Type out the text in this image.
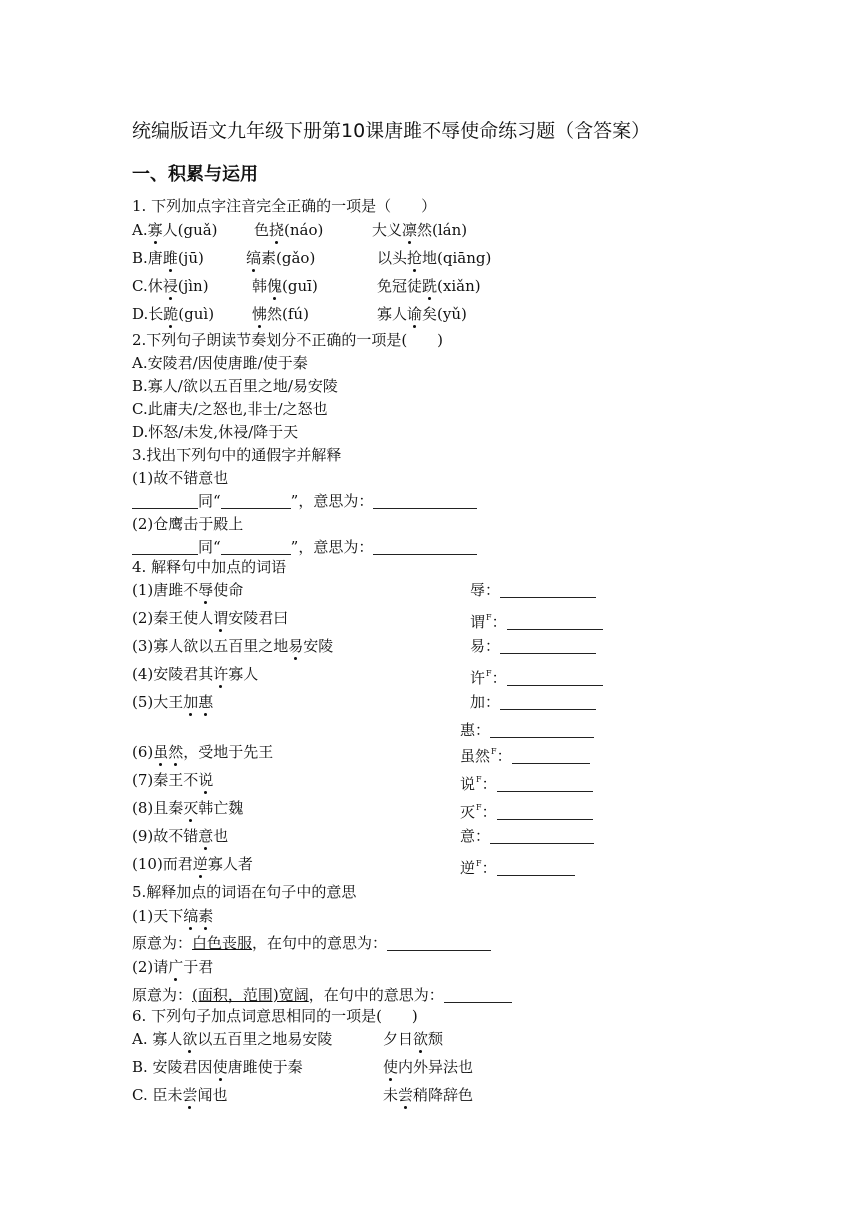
统编版语文九年级下册第10课唐雎不辱使命练习题（含答案）
一、积累与运用
1. 下列加点字注音完全正确的一项是（　　）
A.寡人(guǎ) 色挠(náo)	大义凛然(lán)
B.唐雎(jū)	缟素(gǎo)	以头抢地(qiāng)
C.休祲(jìn)	韩傀(guī)	免冠徒跣(xiǎn)
D.长跪(guì)	怫然(fú)	寡人谕矣(yǔ)
2.下列句子朗读节奏划分不正确的一项是(　　)
A.安陵君/因使唐雎/使于秦
B.寡人/欲以五百里之地/易安陵
C.此庸夫/之怒也,非士/之怒也
D.怀怒/未发,休祲/降于天
3.找出下列句中的通假字并解释
(1)故不错意也
同“	”，意思为：
(2)仓鹰击于殿上
同“	”，意思为：
4. 解释句中加点的词语
(1)唐雎不辱使命	辱：
(2)秦王使人谓安陵君曰	谓$^F$：
(3)寡人欲以五百里之地易安陵	易：
(4)安陵君其许寡人	许$^F$：
(5)大王加惠	加：
惠：
(6)虽然，受地于先王	虽然$^F$：
(7)秦王不说	说$^F$：
(8)且秦灭韩亡魏	灭$^F$：
(9)故不错意也	意：
(10)而君逆寡人者	逆$^F$：
5.解释加点的词语在句子中的意思
(1)天下缟素
原意为：白色丧服，在句中的意思为：
(2)请广于君
原意为：(面积，范围)宽阔，在句中的意思为：
6. 下列句子加点词意思相同的一项是(　　)
A. 寡人欲以五百里之地易安陵	夕日欲颓
B. 安陵君因使唐雎使于秦	使内外异法也
C. 臣未尝闻也	未尝稍降辞色
